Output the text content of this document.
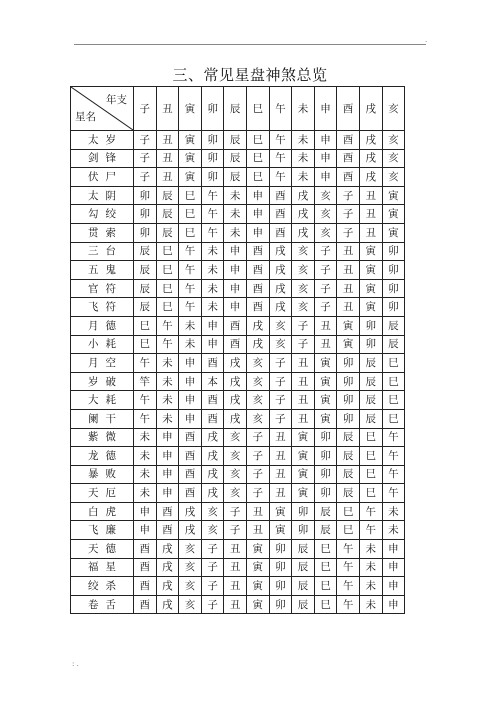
.
三、常见星盘神煞总览
年支
星名	子	丑	寅	卯	辰	巳	午	未	申	酉	戌	亥
太岁	子	丑	寅	卯	辰	巳	午	未	申	酉	戌	亥
剑锋	子	丑	寅	卯	辰	巳	午	未	申	酉	戌	亥
伏尸	子	丑	寅	卯	辰	巳	午	未	申	酉	戌	亥
太阴	卯	辰	巳	午	未	申	酉	戌	亥	子	丑	寅
勾绞	卯	辰	巳	午	未	申	酉	戌	亥	子	丑	寅
贯索	卯	辰	巳	午	未	申	酉	戌	亥	子	丑	寅
三台	辰	巳	午	未	申	酉	戌	亥	子	丑	寅	卯
五鬼	辰	巳	午	未	申	酉	戌	亥	子	丑	寅	卯
官符	辰	巳	午	未	申	酉	戌	亥	子	丑	寅	卯
飞符	辰	巳	午	未	申	酉	戌	亥	子	丑	寅	卯
月德	巳	午	未	申	酉	戌	亥	子	丑	寅	卯	辰
小耗	巳	午	未	申	酉	戌	亥	子	丑	寅	卯	辰
月空	午	未	申	酉	戌	亥	子	丑	寅	卯	辰	巳
岁破	竿	未	申	本	戌	亥	子	丑	寅	卯	辰	巳
大耗	午	未	申	酉	戌	亥	子	丑	寅	卯	辰	巳
阑干	午	未	申	酉	戌	亥	子	丑	寅	卯	辰	巳
紫微	未	申	酉	戌	亥	子	丑	寅	卯	辰	巳	午
龙德	未	申	酉	戌	亥	子	丑	寅	卯	辰	巳	午
暴败	未	申	酉	戌	亥	子	丑	寅	卯	辰	巳	午
天厄	未	申	酉	戌	亥	子	丑	寅	卯	辰	巳	午
白虎	申	酉	戌	亥	子	丑	寅	卯	辰	巳	午	未
飞廉	申	酉	戌	亥	子	丑	寅	卯	辰	巳	午	未
天德	酉	戌	亥	子	丑	寅	卯	辰	巳	午	未	申
福星	酉	戌	亥	子	丑	寅	卯	辰	巳	午	未	申
绞杀	酉	戌	亥	子	丑	寅	卯	辰	巳	午	未	申
卷舌	酉	戌	亥	子	丑	寅	卯	辰	巳	午	未	申
: .
